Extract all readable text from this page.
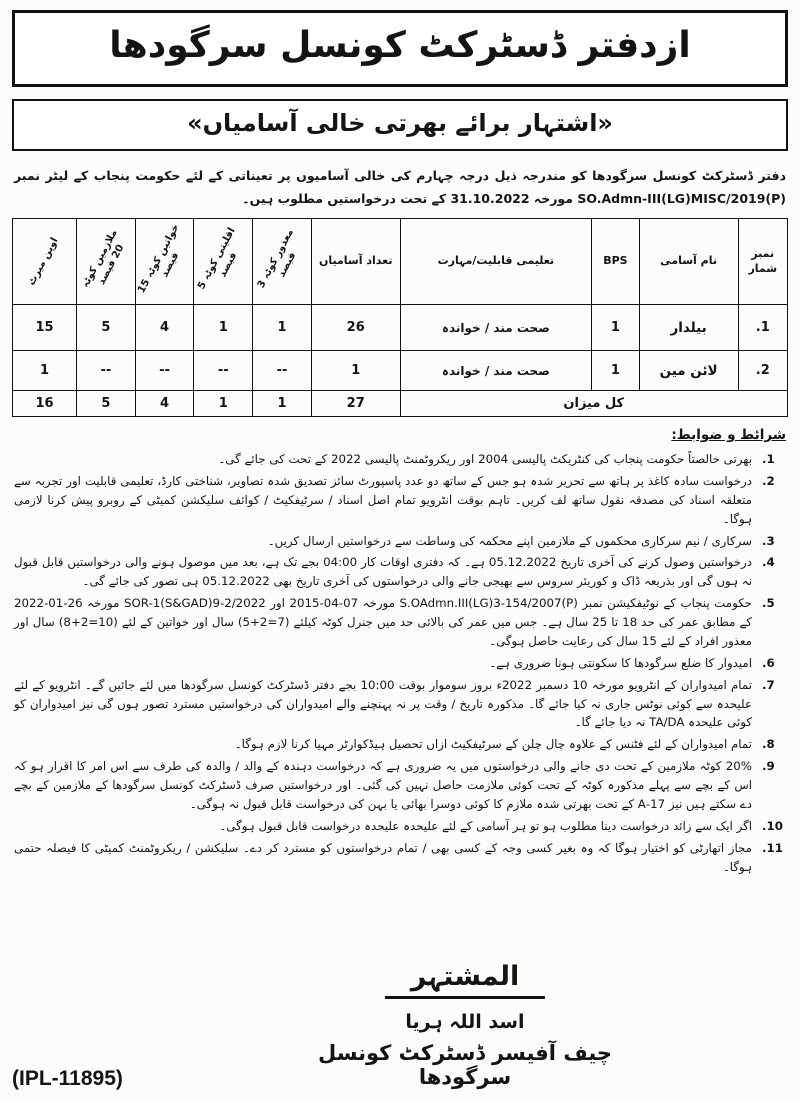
ازدفتر ڈسٹرکٹ کونسل سرگودھا
«اشتہار برائے بھرتی خالی آسامیاں»

دفتر ڈسٹرکٹ کونسل سرگودھا کو مندرجہ ذیل درجہ چہارم کی خالی آسامیوں پر تعیناتی کے لئے حکومت پنجاب کے لیٹر نمبر SO.Admn-III(LG)MISC/2019(P) مورخہ 31.10.2022 کے تحت درخواستیں مطلوب ہیں۔

نمبر شمار	نام آسامی	BPS	تعلیمی قابلیت/مہارت	تعداد آسامیاں	معذور کوٹہ 3 فیصد	اقلیتی کوٹہ 5 فیصد	خواتین کوٹہ 15 فیصد	ملازمین کوٹہ 20 فیصد	اوپن میرٹ

.1	بیلدار	1	صحت مند / خواندہ	26	1	1	4	5	15
.2	لائن مین	1	صحت مند / خواندہ	1	--	--	--	--	1
کل میزان				27	1	1	4	5	16
شرائط و ضوابط:
.1
بھرتی خالصتاً حکومت پنجاب کی کنٹریکٹ پالیسی 2004 اور ریکروٹمنٹ پالیسی 2022 کے تحت کی جائے گی۔
.2
درخواست سادہ کاغذ پر ہاتھ سے تحریر شدہ ہو جس کے ساتھ دو عدد پاسپورٹ سائز تصدیق شدہ تصاویر، شناختی کارڈ، تعلیمی قابلیت اور تجربہ سے متعلقہ اسناد کی مصدقہ نقول ساتھ لف کریں۔ تاہم بوقت انٹرویو تمام اصل اسناد / سرٹیفکیٹ / کوائف سلیکشن کمیٹی کے روبرو پیش کرنا لازمی ہوگا۔
.3
سرکاری / نیم سرکاری محکموں کے ملازمین اپنے محکمہ کی وساطت سے درخواستیں ارسال کریں۔
.4
درخواستیں وصول کرنے کی آخری تاریخ 05.12.2022 ہے۔ کہ دفتری اوقات کار 04:00 بجے تک ہے، بعد میں موصول ہونے والی درخواستیں قابل قبول نہ ہوں گی اور بذریعہ ڈاک و کوریئر سروس سے بھیجی جانے والی درخواستوں کی آخری تاریخ بھی 05.12.2022 ہی تصور کی جائے گی۔
.5
حکومت پنجاب کے نوٹیفکیشن نمبر S.OAdmn.III(LG)3-154/2007(P) مورخہ 07-04-2015 اور SOR-1(S&GAD)9-2/2022 مورخہ 26-01-2022 کے مطابق عمر کی حد 18 تا 25 سال ہے۔ جس میں عمر کی بالائی حد میں جنرل کوٹہ کیلئے (7=2+5) سال اور خواتین کے لئے (10=2+8) سال اور معذور افراد کے لئے 15 سال کی رعایت حاصل ہوگی۔
.6
امیدوار کا ضلع سرگودھا کا سکونتی ہونا ضروری ہے۔
.7
تمام امیدواران کے انٹرویو مورخہ 10 دسمبر 2022ء بروز سوموار بوقت 10:00 بجے دفتر ڈسٹرکٹ کونسل سرگودھا میں لئے جائیں گے۔ انٹرویو کے لئے علیحدہ سے کوئی نوٹس جاری نہ کیا جائے گا۔ مذکورہ تاریخ / وقت پر نہ پہنچنے والے امیدواران کی درخواستیں مسترد تصور ہوں گی نیز امیدواران کو کوئی علیحدہ TA/DA نہ دیا جائے گا۔
.8
تمام امیدواران کے لئے فٹنس کے علاوہ چال چلن کے سرٹیفکیٹ ازاں تحصیل ہیڈکوارٹر مہیا کرنا لازم ہوگا۔
.9
20% کوٹہ ملازمین کے تحت دی جانے والی درخواستوں میں یہ ضروری ہے کہ درخواست دہندہ کے والد / والدہ کی طرف سے اس امر کا اقرار ہو کہ اس کے بچے سے پہلے مذکورہ کوٹہ کے تحت کوئی ملازمت حاصل نہیں کی گئی۔ اور درخواستیں صرف ڈسٹرکٹ کونسل سرگودھا کے ملازمین کے بچے دے سکتے ہیں نیز 17-A کے تحت بھرتی شدہ ملازم کا کوئی دوسرا بھائی یا بہن کی درخواست قابل قبول نہ ہوگی۔
.10
اگر ایک سے زائد درخواست دینا مطلوب ہو تو ہر آسامی کے لئے علیحدہ علیحدہ درخواست قابل قبول ہوگی۔
.11
مجاز اتھارٹی کو اختیار ہوگا کہ وہ بغیر کسی وجہ کے کسی بھی / تمام درخواستوں کو مسترد کر دے۔ سلیکشن / ریکروٹمنٹ کمیٹی کا فیصلہ حتمی ہوگا۔
المشتہر
اسد اللہ ہریا
چیف آفیسر ڈسٹرکٹ کونسل سرگودھا
(IPL-11895)
